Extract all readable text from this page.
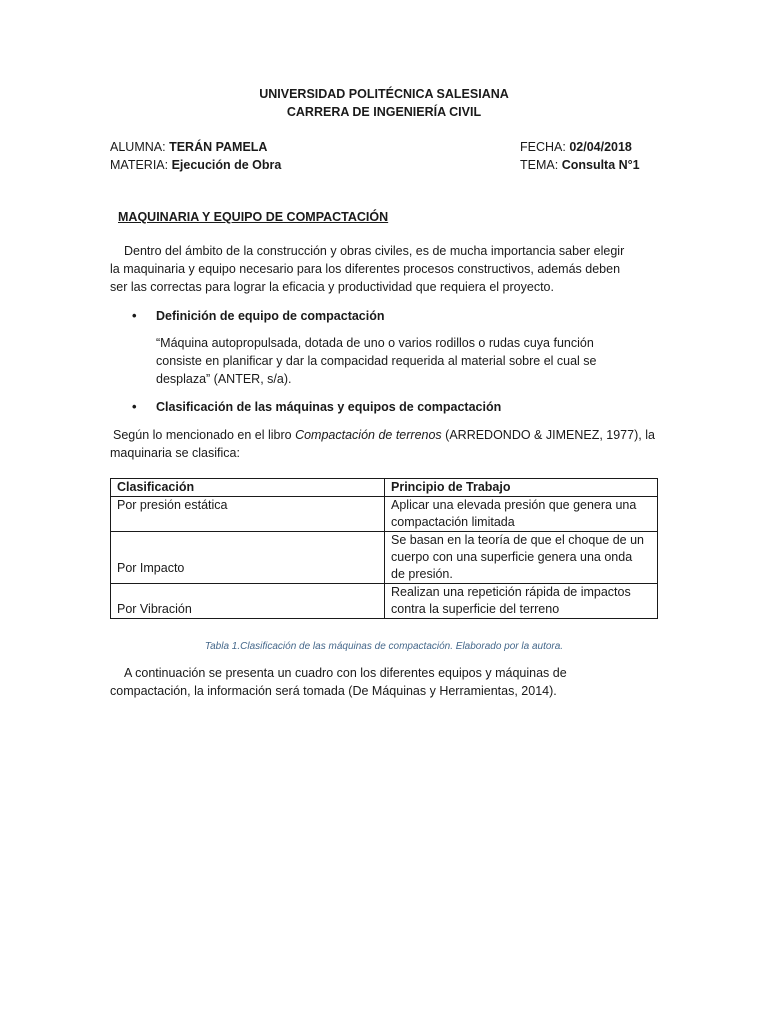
UNIVERSIDAD POLITÉCNICA SALESIANA
CARRERA DE INGENIERÍA CIVIL
ALUMNA: TERÁN PAMELA
MATERIA: Ejecución de Obra
FECHA: 02/04/2018
TEMA: Consulta N°1
MAQUINARIA Y EQUIPO DE COMPACTACIÓN
Dentro del ámbito de la construcción y obras civiles, es de mucha importancia saber elegir
la maquinaria y equipo necesario para los diferentes procesos constructivos, además deben
ser las correctas para lograr la eficacia y productividad que requiera el proyecto.
• Definición de equipo de compactación
“Máquina autopropulsada, dotada de uno o varios rodillos o rudas cuya función
consiste en planificar y dar la compacidad requerida al material sobre el cual se
desplaza” (ANTER, s/a).
• Clasificación de las máquinas y equipos de compactación
Según lo mencionado en el libro Compactación de terrenos (ARREDONDO & JIMENEZ, 1977), la
maquinaria se clasifica:
Clasificación	Principio de Trabajo
Por presión estática	Aplicar una elevada presión que genera una
compactación limitada

Por Impacto	Se basan en la teoría de que el choque de un
cuerpo con una superficie genera una onda
de presión.

Por Vibración	Realizan una repetición rápida de impactos
contra la superficie del terreno
Tabla 1.Clasificación de las máquinas de compactación. Elaborado por la autora.
A continuación se presenta un cuadro con los diferentes equipos y máquinas de
compactación, la información será tomada (De Máquinas y Herramientas, 2014).
